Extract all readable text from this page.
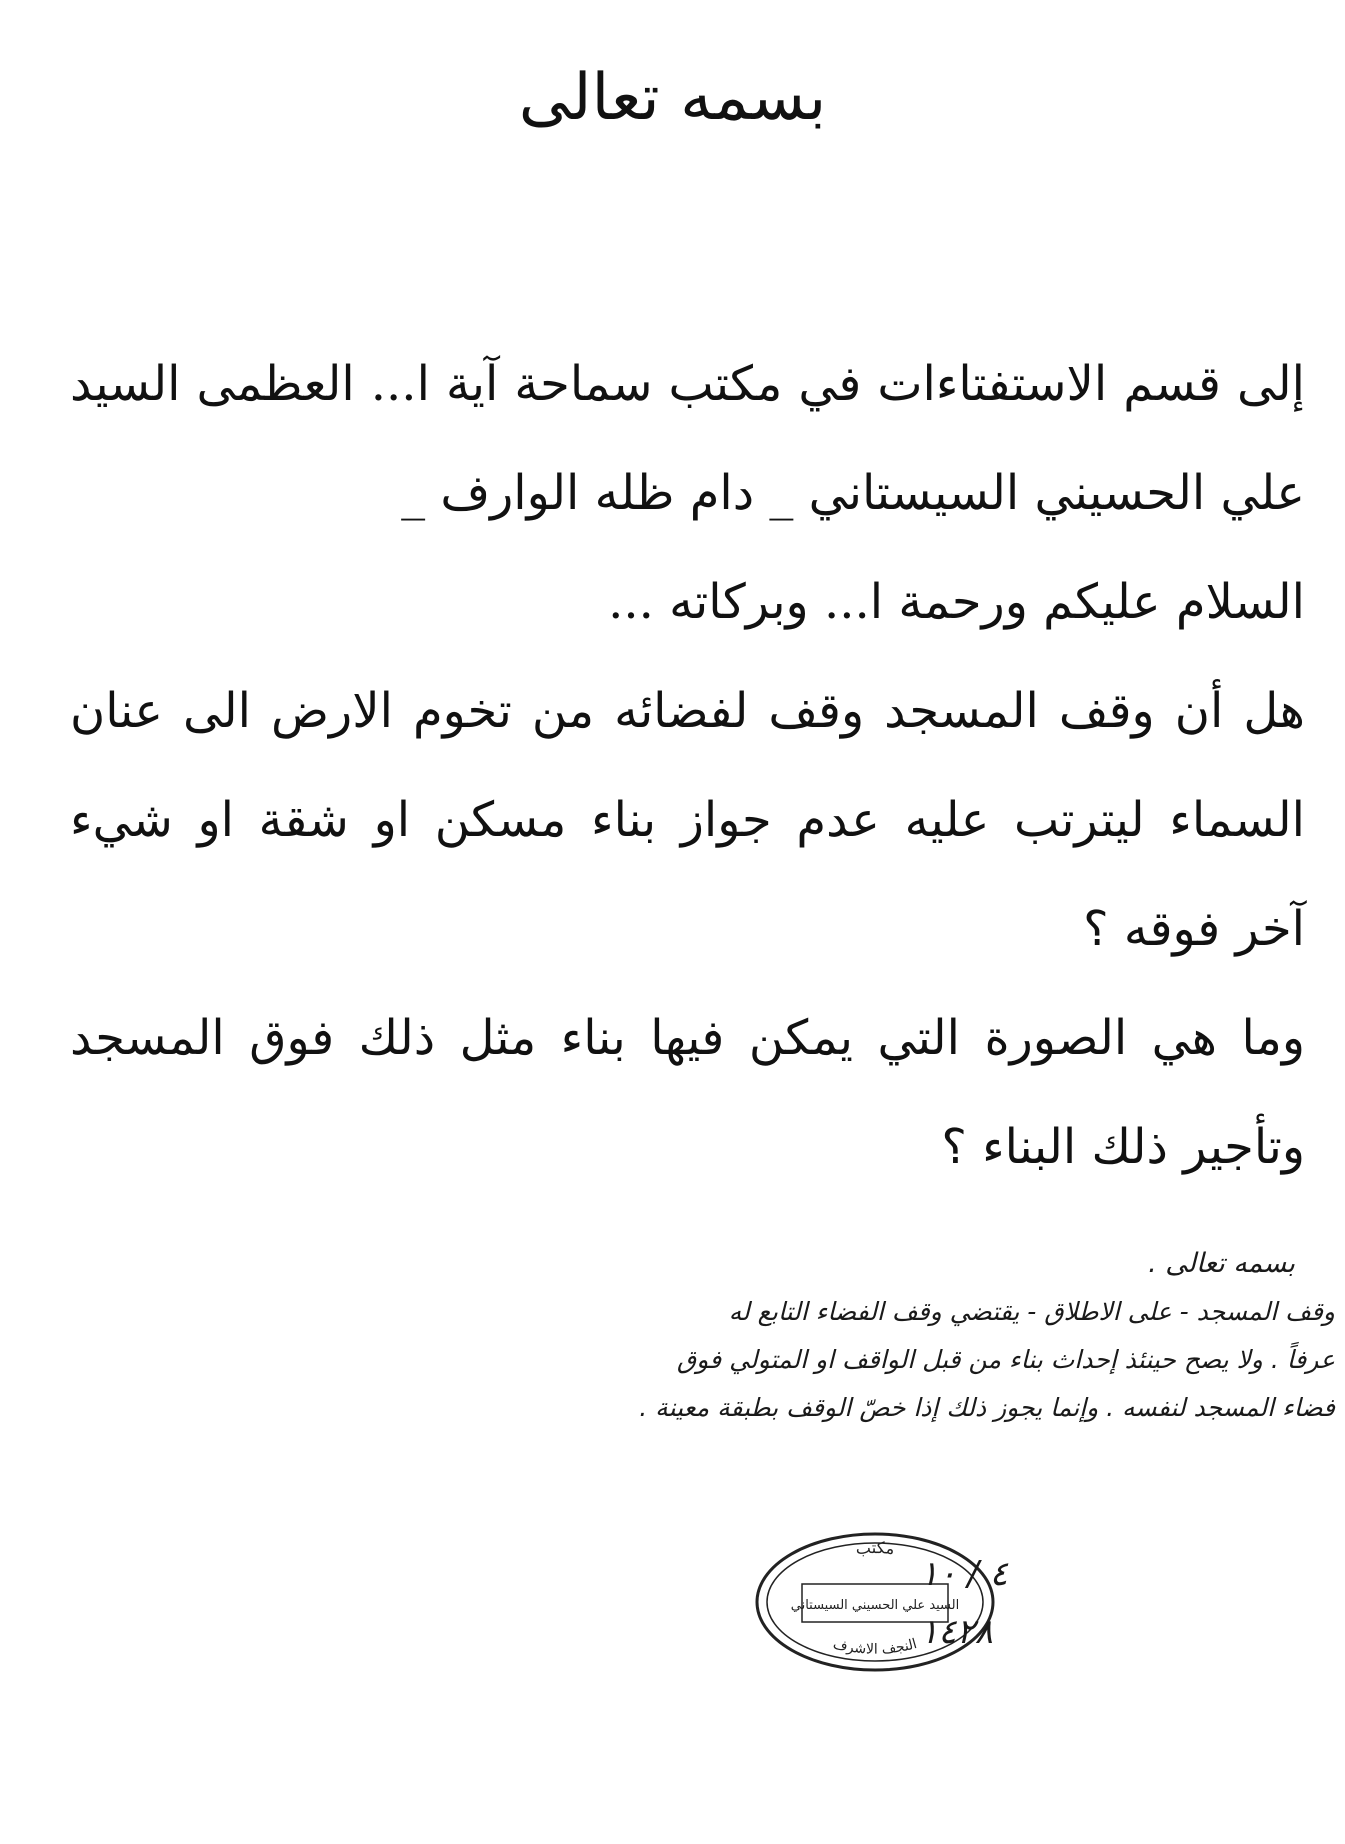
بسمه تعالى
إلى قسم الاستفتاءات في مكتب سماحة آية ا... العظمى السيد
علي الحسيني السيستاني _ دام ظله الوارف _
السلام عليكم ورحمة ا... وبركاته ...
هل أن وقف المسجد وقف لفضائه من تخوم الارض الى عنان
السماء ليترتب عليه عدم جواز بناء مسكن او شقة او شيء
آخر فوقه ؟
وما هي الصورة التي يمكن فيها بناء مثل ذلك فوق المسجد
وتأجير ذلك البناء ؟
بسمه تعالى .
وقف المسجد - على الاطلاق - يقتضي وقف الفضاء التابع له
عرفاً . ولا يصح حينئذ إحداث بناء من قبل الواقف او المتولي فوق
فضاء المسجد لنفسه . وإنما يجوز ذلك إذا خصّ الوقف بطبقة معينة .
مكتب
السيد علي الحسيني السيستاني
النجف الاشرف
٤ / ١٠
١٤٢٨
